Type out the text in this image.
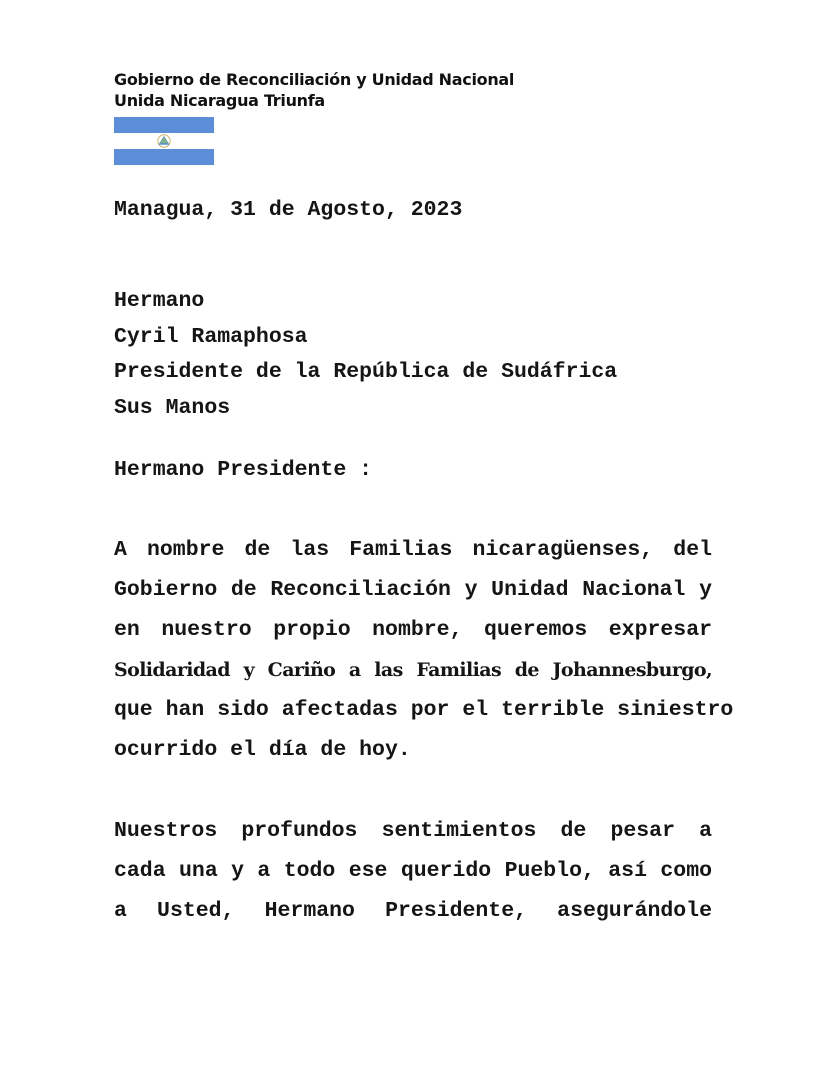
Gobierno de Reconciliación y Unidad Nacional
Unida Nicaragua Triunfa
Managua, 31 de Agosto, 2023
Hermano
Cyril Ramaphosa
Presidente de la República de Sudáfrica
Sus Manos
Hermano Presidente :
A nombre de las Familias nicaragüenses, del
Gobierno de Reconciliación y Unidad Nacional y
en nuestro propio nombre, queremos expresar
Solidaridad y Cariño a las Familias de Johannesburgo,
que han sido afectadas por el terrible siniestro
ocurrido el día de hoy.
Nuestros profundos sentimientos de pesar a
cada una y a todo ese querido Pueblo, así como
a Usted, Hermano Presidente, asegurándole
